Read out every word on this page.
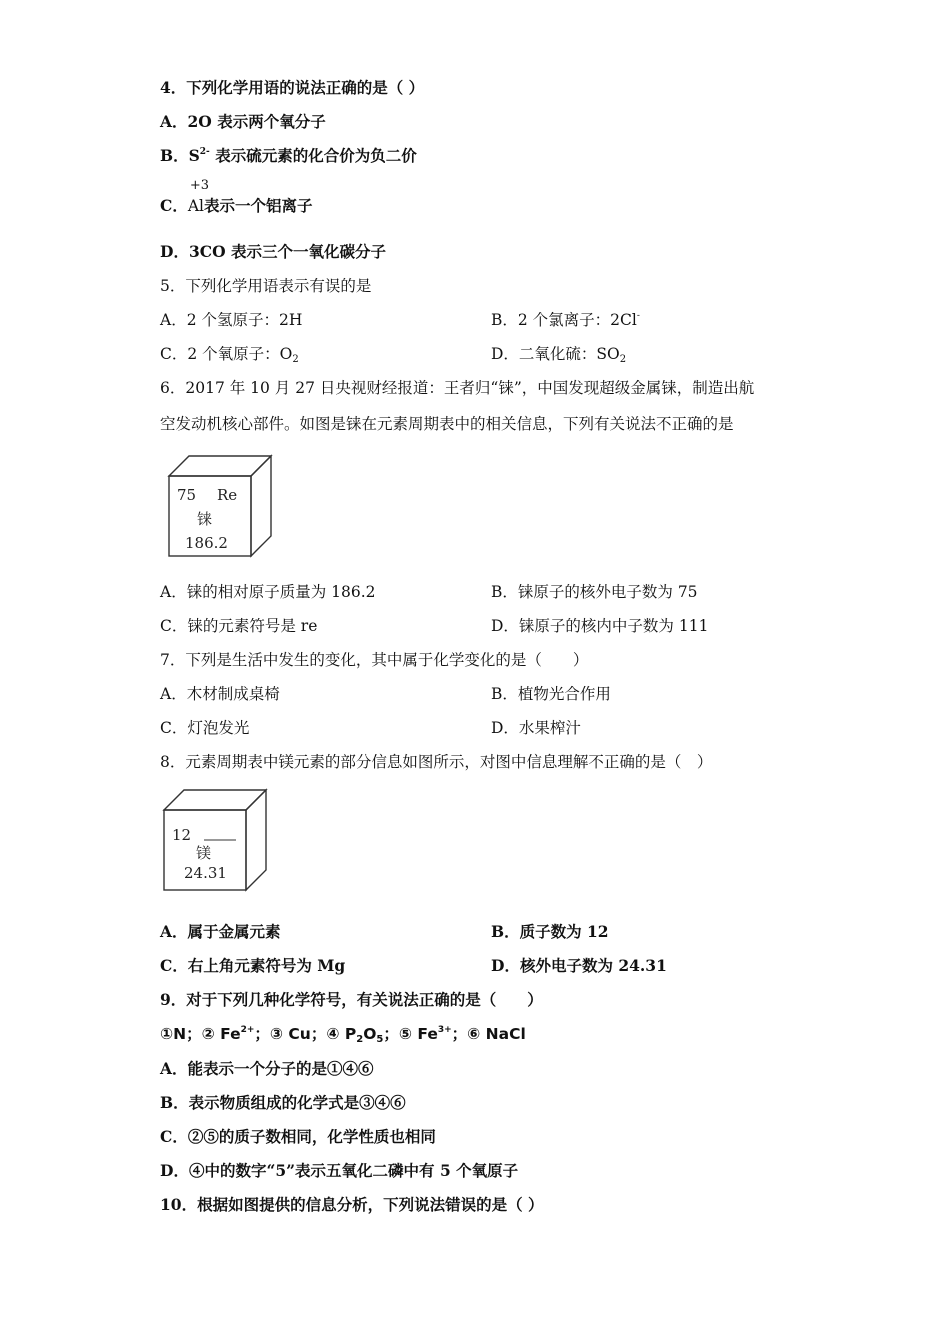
4．下列化学用语的说法正确的是（ ）
A．2O 表示两个氧分子
B．$S^{2-}$ 表示硫元素的化合价为负二价
C．
+3
Al表示一个铝离子
D．3CO 表示三个一氧化碳分子
5．下列化学用语表示有误的是
A．2 个氢原子：2H	B．2 个氯离子：2Cl-
C．2 个氧原子：$O_2$	D．二氧化硫：$SO_2$
6．2017 年 10 月 27 日央视财经报道：王者归“铼”，中国发现超级金属铼，制造出航
空发动机核心部件。如图是铼在元素周期表中的相关信息，下列有关说法不正确的是
75 Re
铼
186.2
A．铼的相对原子质量为 186.2	B．铼原子的核外电子数为 75
C．铼的元素符号是 re	D．铼原子的核内中子数为 111
7．下列是生活中发生的变化，其中属于化学变化的是（　　）
A．木材制成桌椅	B．植物光合作用
C．灯泡发光	D．水果榨汁
8．元素周期表中镁元素的部分信息如图所示，对图中信息理解不正确的是（　）
12
镁
24.31
A．属于金属元素	B．质子数为 12
C．右上角元素符号为 Mg	D．核外电子数为 24.31
9．对于下列几种化学符号，有关说法正确的是（　　）
①N；② $Fe^{2+}$；③ Cu；④ $P_2O_5$；⑤ $Fe^{3+}$；⑥ NaCl
A．能表示一个分子的是①④⑥
B．表示物质组成的化学式是③④⑥
C．②⑤的质子数相同，化学性质也相同
D．④中的数字“5”表示五氧化二磷中有 5 个氧原子
10．根据如图提供的信息分析，下列说法错误的是（ ）
